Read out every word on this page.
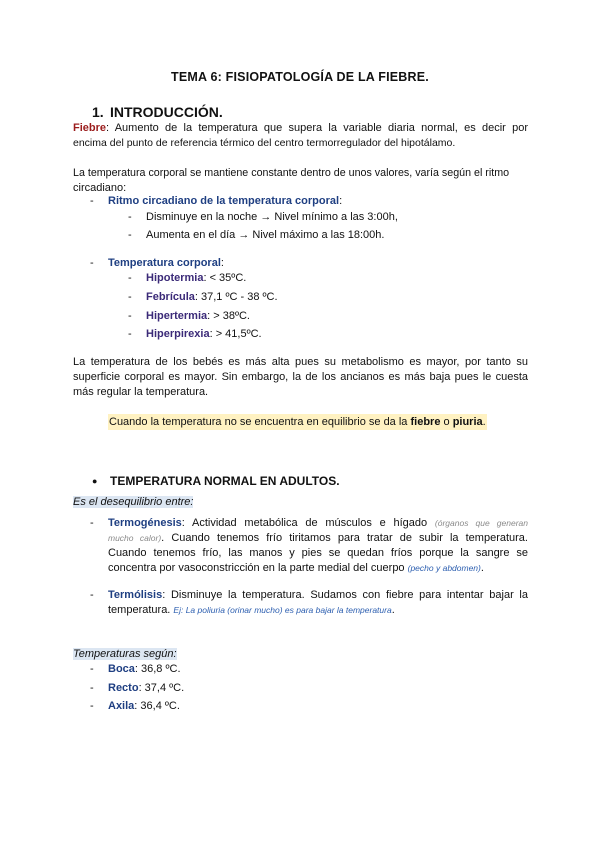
TEMA 6: FISIOPATOLOGÍA DE LA FIEBRE.
1. INTRODUCCIÓN.
Fiebre: Aumento de la temperatura que supera la variable diaria normal, es decir por
encima del punto de referencia térmico del centro termorregulador del hipotálamo.
La temperatura corporal se mantiene constante dentro de unos valores, varía según el ritmo
circadiano:
- Ritmo circadiano de la temperatura corporal:
- Disminuye en la noche → Nivel mínimo a las 3:00h,
- Aumenta en el día → Nivel máximo a las 18:00h.
- Temperatura corporal:
- Hipotermia: < 35ºC.
- Febrícula: 37,1 ºC - 38 ºC.
- Hipertermia: > 38ºC.
- Hiperpirexia: > 41,5ºC.
La temperatura de los bebés es más alta pues su metabolismo es mayor, por tanto su
superficie corporal es mayor. Sin embargo, la de los ancianos es más baja pues le cuesta
más regular la temperatura.
Cuando la temperatura no se encuentra en equilibrio se da la fiebre o piuria.
● TEMPERATURA NORMAL EN ADULTOS.
Es el desequilibrio entre:
- Termogénesis: Actividad metabólica de músculos e hígado (órganos que generan
mucho calor). Cuando tenemos frío tiritamos para tratar de subir la temperatura.
Cuando tenemos frío, las manos y pies se quedan fríos porque la sangre se
concentra por vasoconstricción en la parte medial del cuerpo (pecho y abdomen).
- Termólisis: Disminuye la temperatura. Sudamos con fiebre para intentar bajar la
temperatura. Ej: La poliuria (orinar mucho) es para bajar la temperatura.
Temperaturas según:
- Boca: 36,8 ºC.
- Recto: 37,4 ºC.
- Axila: 36,4 ºC.
